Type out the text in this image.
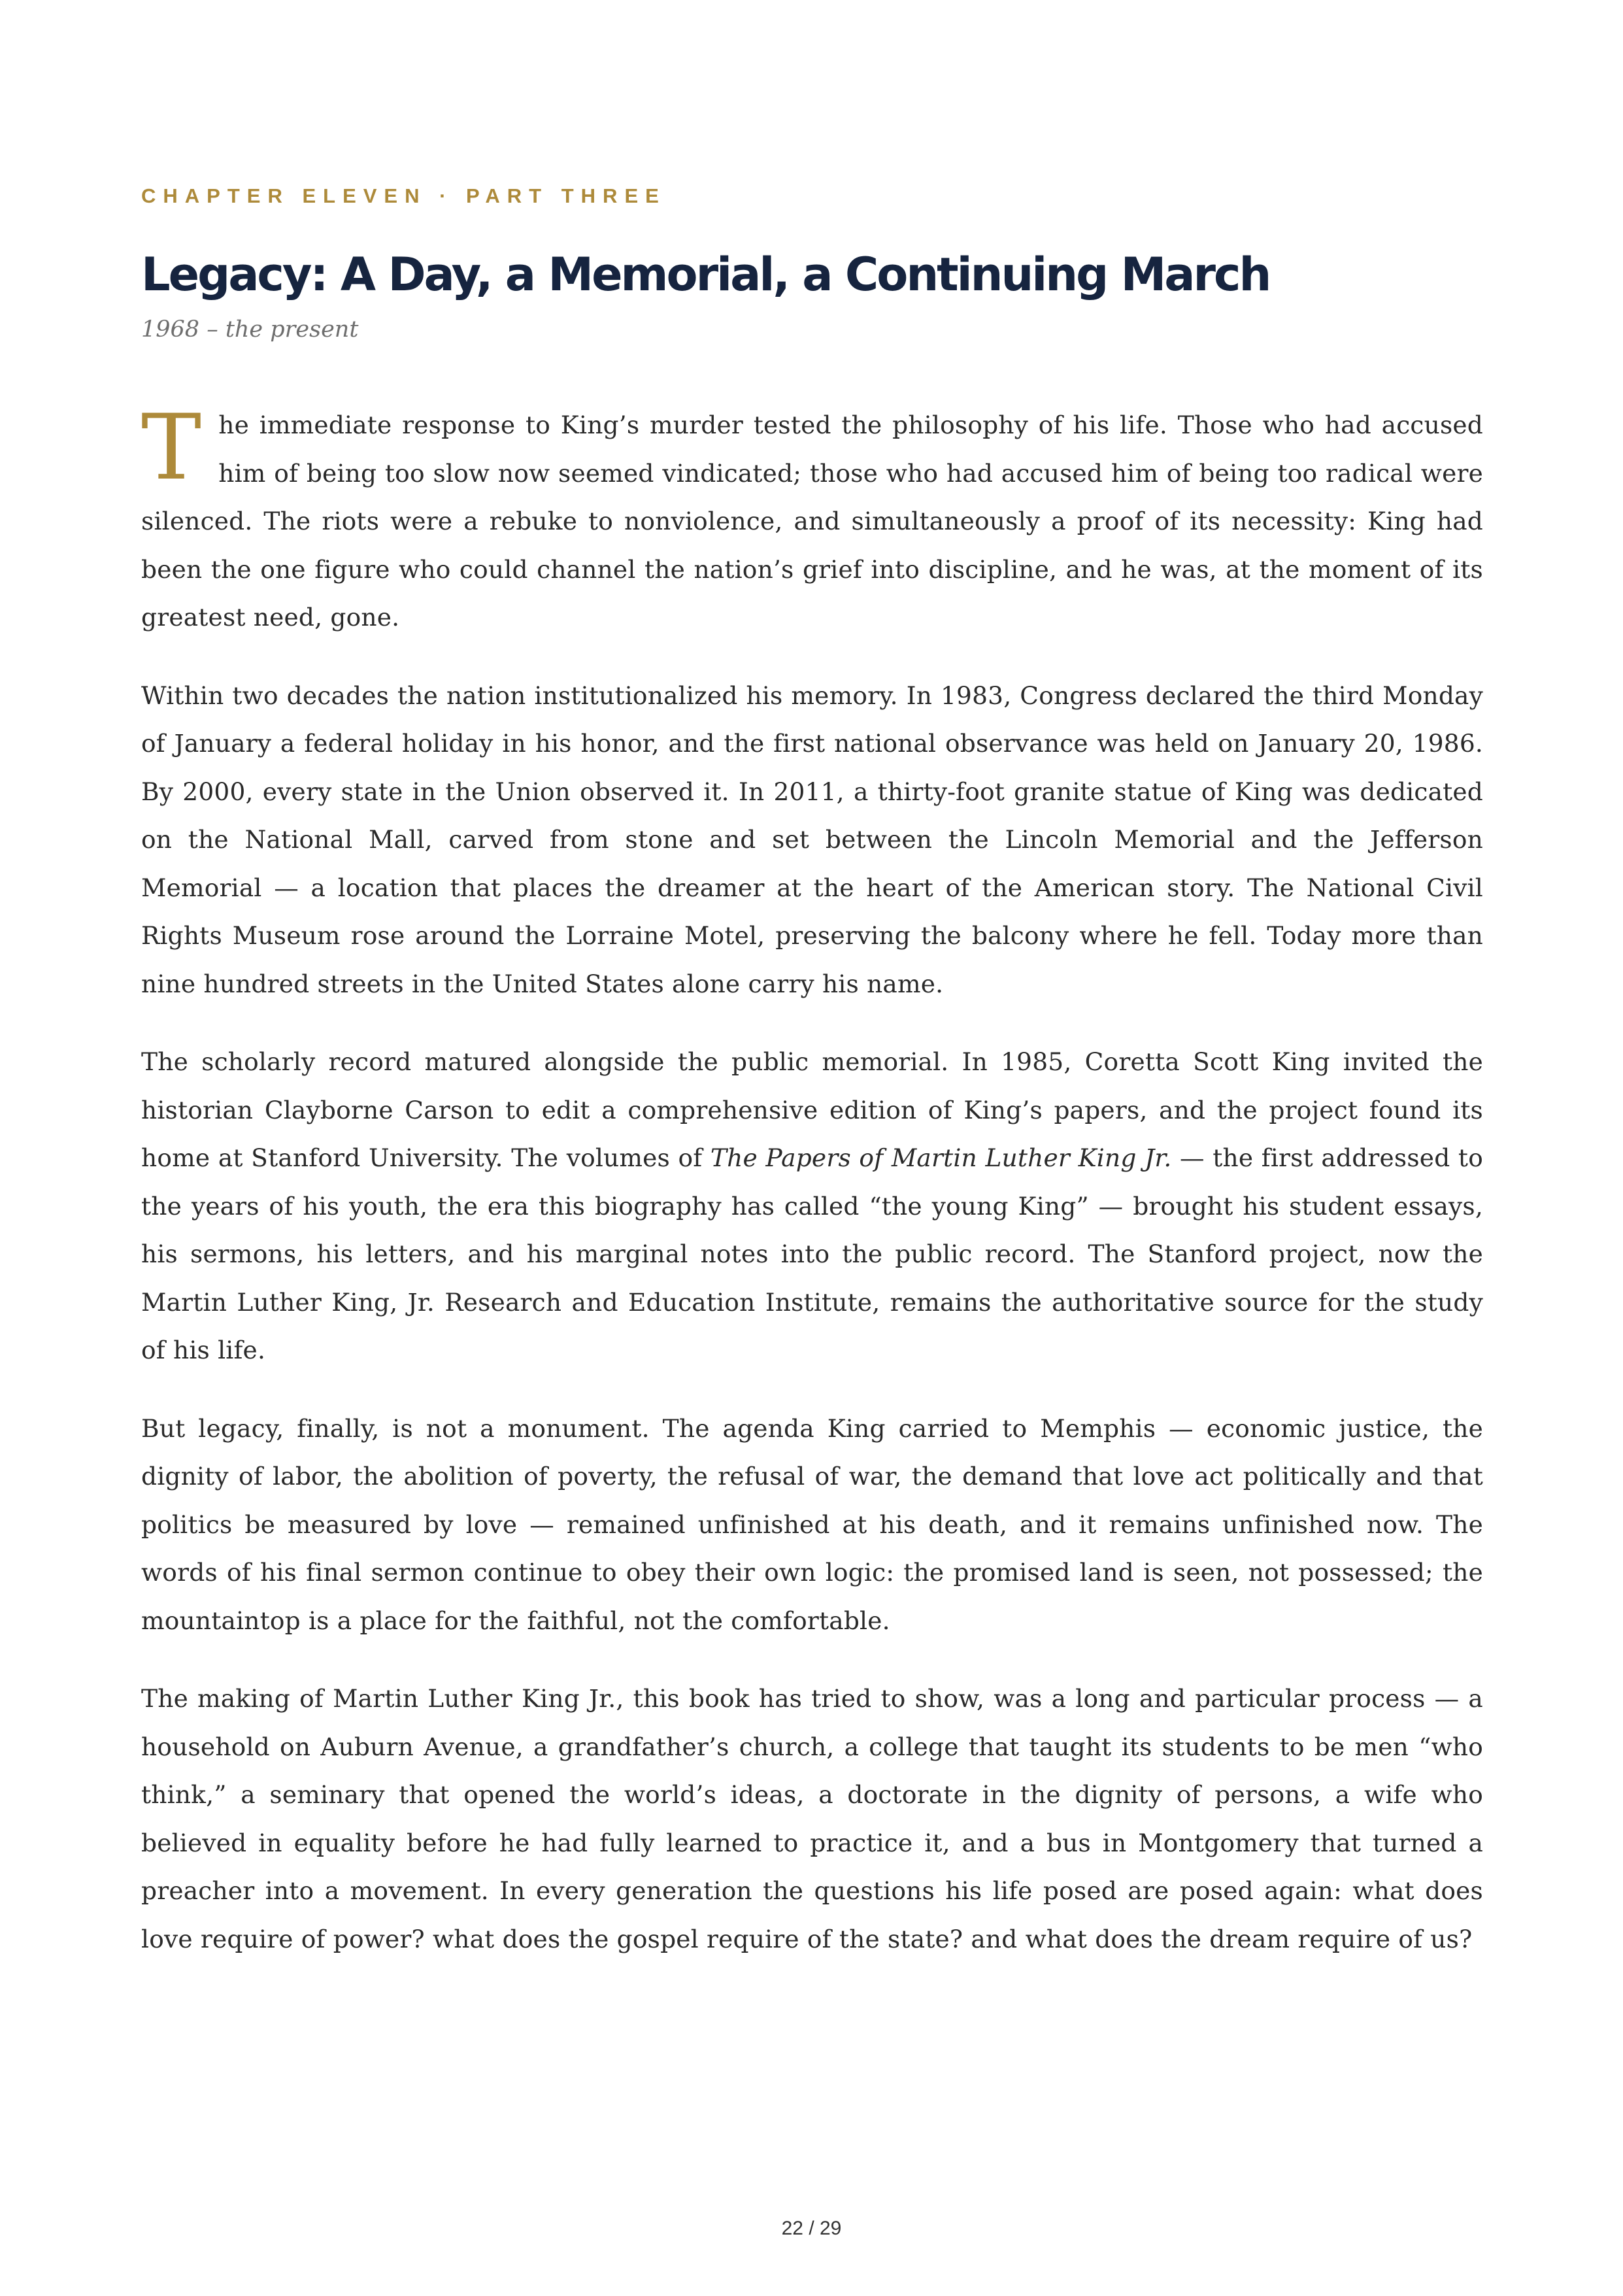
CHAPTER ELEVEN · PART THREE

Legacy: A Day, a Memorial, a Continuing March

1968 – the present

The immediate response to King’s murder tested the philosophy of his life. Those who had accused him of being too slow now seemed vindicated; those who had accused him of being too radical were silenced. The riots were a rebuke to nonviolence, and simultaneously a proof of its necessity: King had been the one figure who could channel the nation’s grief into discipline, and he was, at the moment of its greatest need, gone.

Within two decades the nation institutionalized his memory. In 1983, Congress declared the third Monday of January a federal holiday in his honor, and the first national observance was held on January 20, 1986. By 2000, every state in the Union observed it. In 2011, a thirty-foot granite statue of King was dedicated on the National Mall, carved from stone and set between the Lincoln Memorial and the Jefferson Memorial — a location that places the dreamer at the heart of the American story. The National Civil Rights Museum rose around the Lorraine Motel, preserving the balcony where he fell. Today more than nine hundred streets in the United States alone carry his name.

The scholarly record matured alongside the public memorial. In 1985, Coretta Scott King invited the historian Clayborne Carson to edit a comprehensive edition of King’s papers, and the project found its home at Stanford University. The volumes of The Papers of Martin Luther King Jr. — the first addressed to the years of his youth, the era this biography has called “the young King” — brought his student essays, his sermons, his letters, and his marginal notes into the public record. The Stanford project, now the Martin Luther King, Jr. Research and Education Institute, remains the authoritative source for the study of his life.

But legacy, finally, is not a monument. The agenda King carried to Memphis — economic justice, the dignity of labor, the abolition of poverty, the refusal of war, the demand that love act politically and that politics be measured by love — remained unfinished at his death, and it remains unfinished now. The words of his final sermon continue to obey their own logic: the promised land is seen, not possessed; the mountaintop is a place for the faithful, not the comfortable.

The making of Martin Luther King Jr., this book has tried to show, was a long and particular process — a household on Auburn Avenue, a grandfather’s church, a college that taught its students to be men “who think,” a seminary that opened the world’s ideas, a doctorate in the dignity of persons, a wife who believed in equality before he had fully learned to practice it, and a bus in Montgomery that turned a preacher into a movement. In every generation the questions his life posed are posed again: what does love require of power? what does the gospel require of the state? and what does the dream require of us?

22 / 29
